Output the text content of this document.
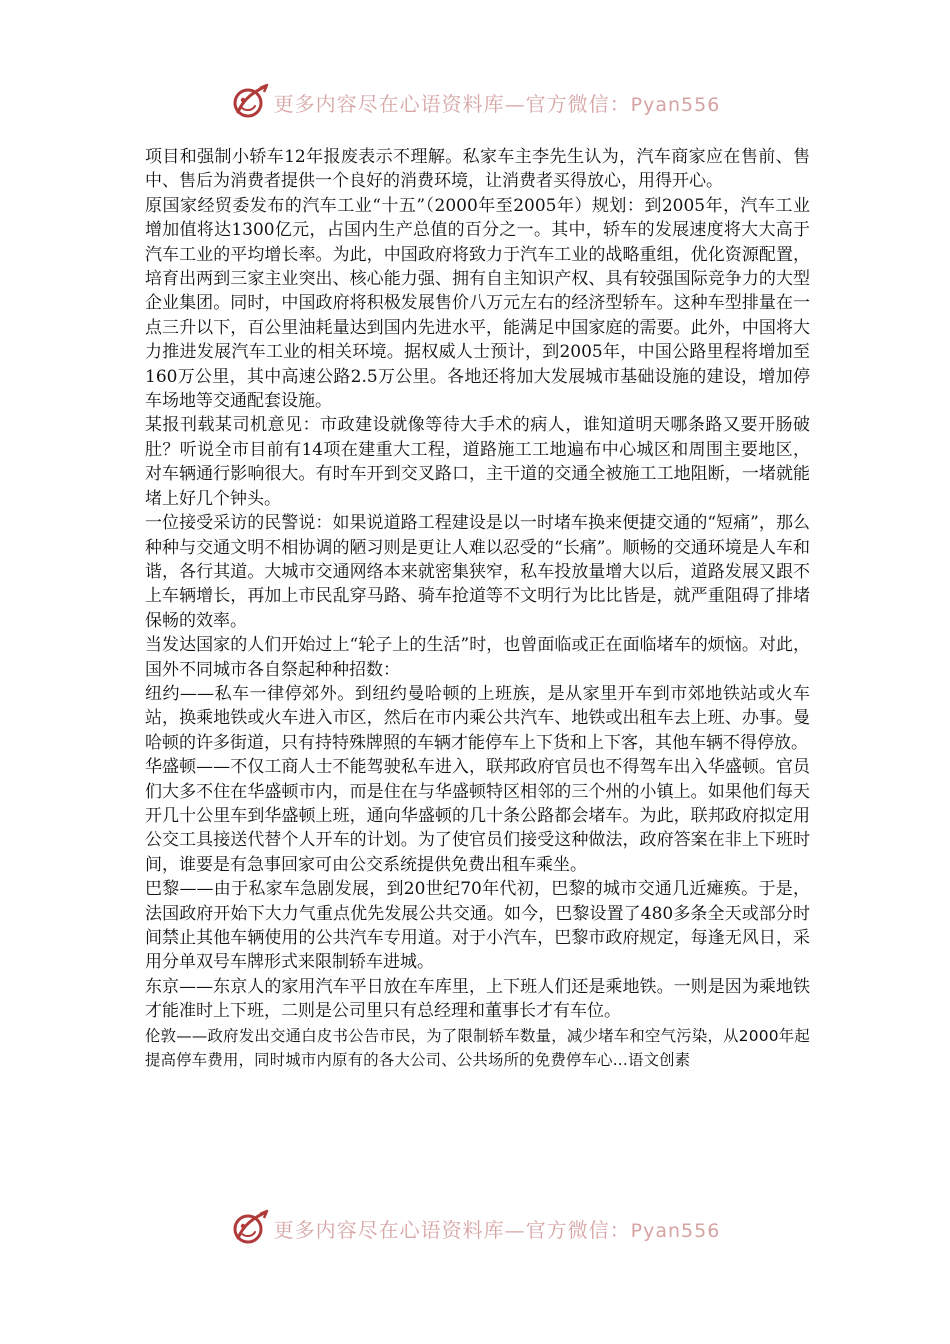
更多内容尽在心语资料库—官方微信：Pyan556

项目和强制小轿车12年报废表示不理解。私家车主李先生认为，汽车商家应在售前、售中、售后为消费者提供一个良好的消费环境，让消费者买得放心，用得开心。

原国家经贸委发布的汽车工业“十五”（2000年至2005年）规划：到2005年，汽车工业增加值将达1300亿元，占国内生产总值的百分之一。其中，轿车的发展速度将大大高于汽车工业的平均增长率。为此，中国政府将致力于汽车工业的战略重组，优化资源配置，培育出两到三家主业突出、核心能力强、拥有自主知识产权、具有较强国际竞争力的大型企业集团。同时，中国政府将积极发展售价八万元左右的经济型轿车。这种车型排量在一点三升以下，百公里油耗量达到国内先进水平，能满足中国家庭的需要。此外，中国将大力推进发展汽车工业的相关环境。据权威人士预计，到2005年，中国公路里程将增加至160万公里，其中高速公路2.5万公里。各地还将加大发展城市基础设施的建设，增加停车场地等交通配套设施。

某报刊载某司机意见：市政建设就像等待大手术的病人，谁知道明天哪条路又要开肠破肚？听说全市目前有14项在建重大工程，道路施工工地遍布中心城区和周围主要地区，对车辆通行影响很大。有时车开到交叉路口，主干道的交通全被施工工地阻断，一堵就能堵上好几个钟头。

一位接受采访的民警说：如果说道路工程建设是以一时堵车换来便捷交通的“短痛”，那么种种与交通文明不相协调的陋习则是更让人难以忍受的“长痛”。顺畅的交通环境是人车和谐，各行其道。大城市交通网络本来就密集狭窄，私车投放量增大以后，道路发展又跟不上车辆增长，再加上市民乱穿马路、骑车抢道等不文明行为比比皆是，就严重阻碍了排堵保畅的效率。

当发达国家的人们开始过上“轮子上的生活”时，也曾面临或正在面临堵车的烦恼。对此，国外不同城市各自祭起种种招数：

纽约——私车一律停郊外。到纽约曼哈顿的上班族，是从家里开车到市郊地铁站或火车站，换乘地铁或火车进入市区，然后在市内乘公共汽车、地铁或出租车去上班、办事。曼哈顿的许多街道，只有持特殊牌照的车辆才能停车上下货和上下客，其他车辆不得停放。

华盛顿——不仅工商人士不能驾驶私车进入，联邦政府官员也不得驾车出入华盛顿。官员们大多不住在华盛顿市内，而是住在与华盛顿特区相邻的三个州的小镇上。如果他们每天开几十公里车到华盛顿上班，通向华盛顿的几十条公路都会堵车。为此，联邦政府拟定用公交工具接送代替个人开车的计划。为了使官员们接受这种做法，政府答案在非上下班时间，谁要是有急事回家可由公交系统提供免费出租车乘坐。

巴黎——由于私家车急剧发展，到20世纪70年代初，巴黎的城市交通几近瘫痪。于是，法国政府开始下大力气重点优先发展公共交通。如今，巴黎设置了480多条全天或部分时间禁止其他车辆使用的公共汽车专用道。对于小汽车，巴黎市政府规定，每逢无风日，采用分单双号车牌形式来限制轿车进城。

东京——东京人的家用汽车平日放在车库里，上下班人们还是乘地铁。一则是因为乘地铁才能准时上下班，二则是公司里只有总经理和董事长才有车位。

伦敦——政府发出交通白皮书公告市民，为了限制轿车数量，减少堵车和空气污染，从2000年起提高停车费用，同时城市内原有的各大公司、公共场所的免费停车心...语文创素

更多内容尽在心语资料库—官方微信：Pyan556
